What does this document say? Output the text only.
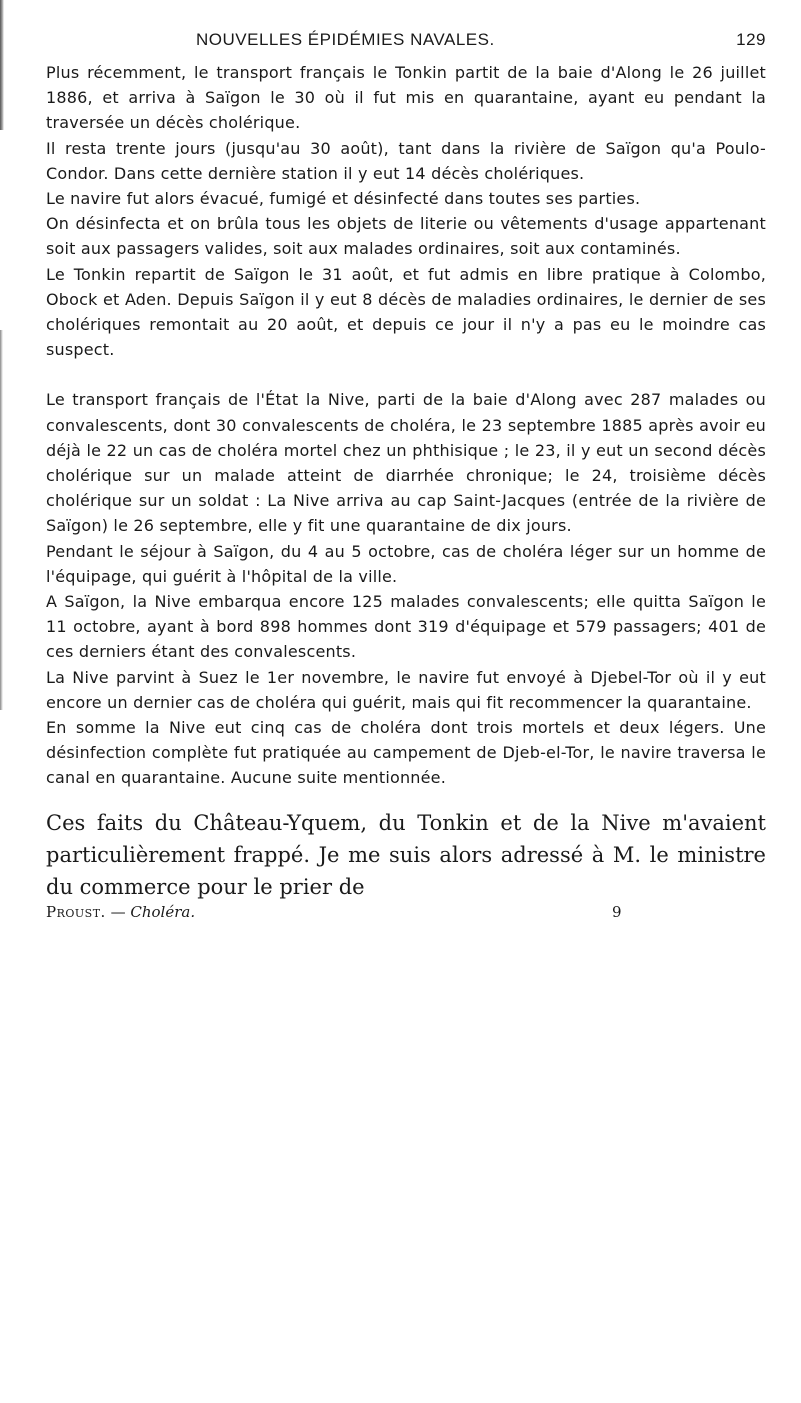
NOUVELLES ÉPIDÉMIES NAVALES.	129

Plus récemment, le transport français le Tonkin partit de la baie d'Along le 26 juillet 1886, et arriva à Saïgon le 30 où il fut mis en quarantaine, ayant eu pendant la traversée un décès cholérique.

Il resta trente jours (jusqu'au 30 août), tant dans la rivière de Saïgon qu'a Poulo-Condor. Dans cette dernière station il y eut 14 décès cholériques.

Le navire fut alors évacué, fumigé et désinfecté dans toutes ses parties.

On désinfecta et on brûla tous les objets de literie ou vêtements d'usage appartenant soit aux passagers valides, soit aux malades ordinaires, soit aux contaminés.

Le Tonkin repartit de Saïgon le 31 août, et fut admis en libre pratique à Colombo, Obock et Aden. Depuis Saïgon il y eut 8 décès de maladies ordinaires, le dernier de ses cholériques remontait au 20 août, et depuis ce jour il n'y a pas eu le moindre cas suspect.

Le transport français de l'État la Nive, parti de la baie d'Along avec 287 malades ou convalescents, dont 30 convalescents de choléra, le 23 septembre 1885 après avoir eu déjà le 22 un cas de choléra mortel chez un phthisique ; le 23, il y eut un second décès cholérique sur un malade atteint de diarrhée chronique; le 24, troisième décès cholérique sur un soldat : La Nive arriva au cap Saint-Jacques (entrée de la rivière de Saïgon) le 26 septembre, elle y fit une quarantaine de dix jours.

Pendant le séjour à Saïgon, du 4 au 5 octobre, cas de choléra léger sur un homme de l'équipage, qui guérit à l'hôpital de la ville.

A Saïgon, la Nive embarqua encore 125 malades convalescents; elle quitta Saïgon le 11 octobre, ayant à bord 898 hommes dont 319 d'équipage et 579 passagers; 401 de ces derniers étant des convalescents.

La Nive parvint à Suez le 1er novembre, le navire fut envoyé à Djebel-Tor où il y eut encore un dernier cas de choléra qui guérit, mais qui fit recommencer la quarantaine.

En somme la Nive eut cinq cas de choléra dont trois mortels et deux légers. Une désinfection complète fut pratiquée au campement de Djeb-el-Tor, le navire traversa le canal en quarantaine. Aucune suite mentionnée.

Ces faits du Château-Yquem, du Tonkin et de la Nive m'avaient particulièrement frappé. Je me suis alors adressé à M. le ministre du commerce pour le prier de

Proust. — Choléra.	9
